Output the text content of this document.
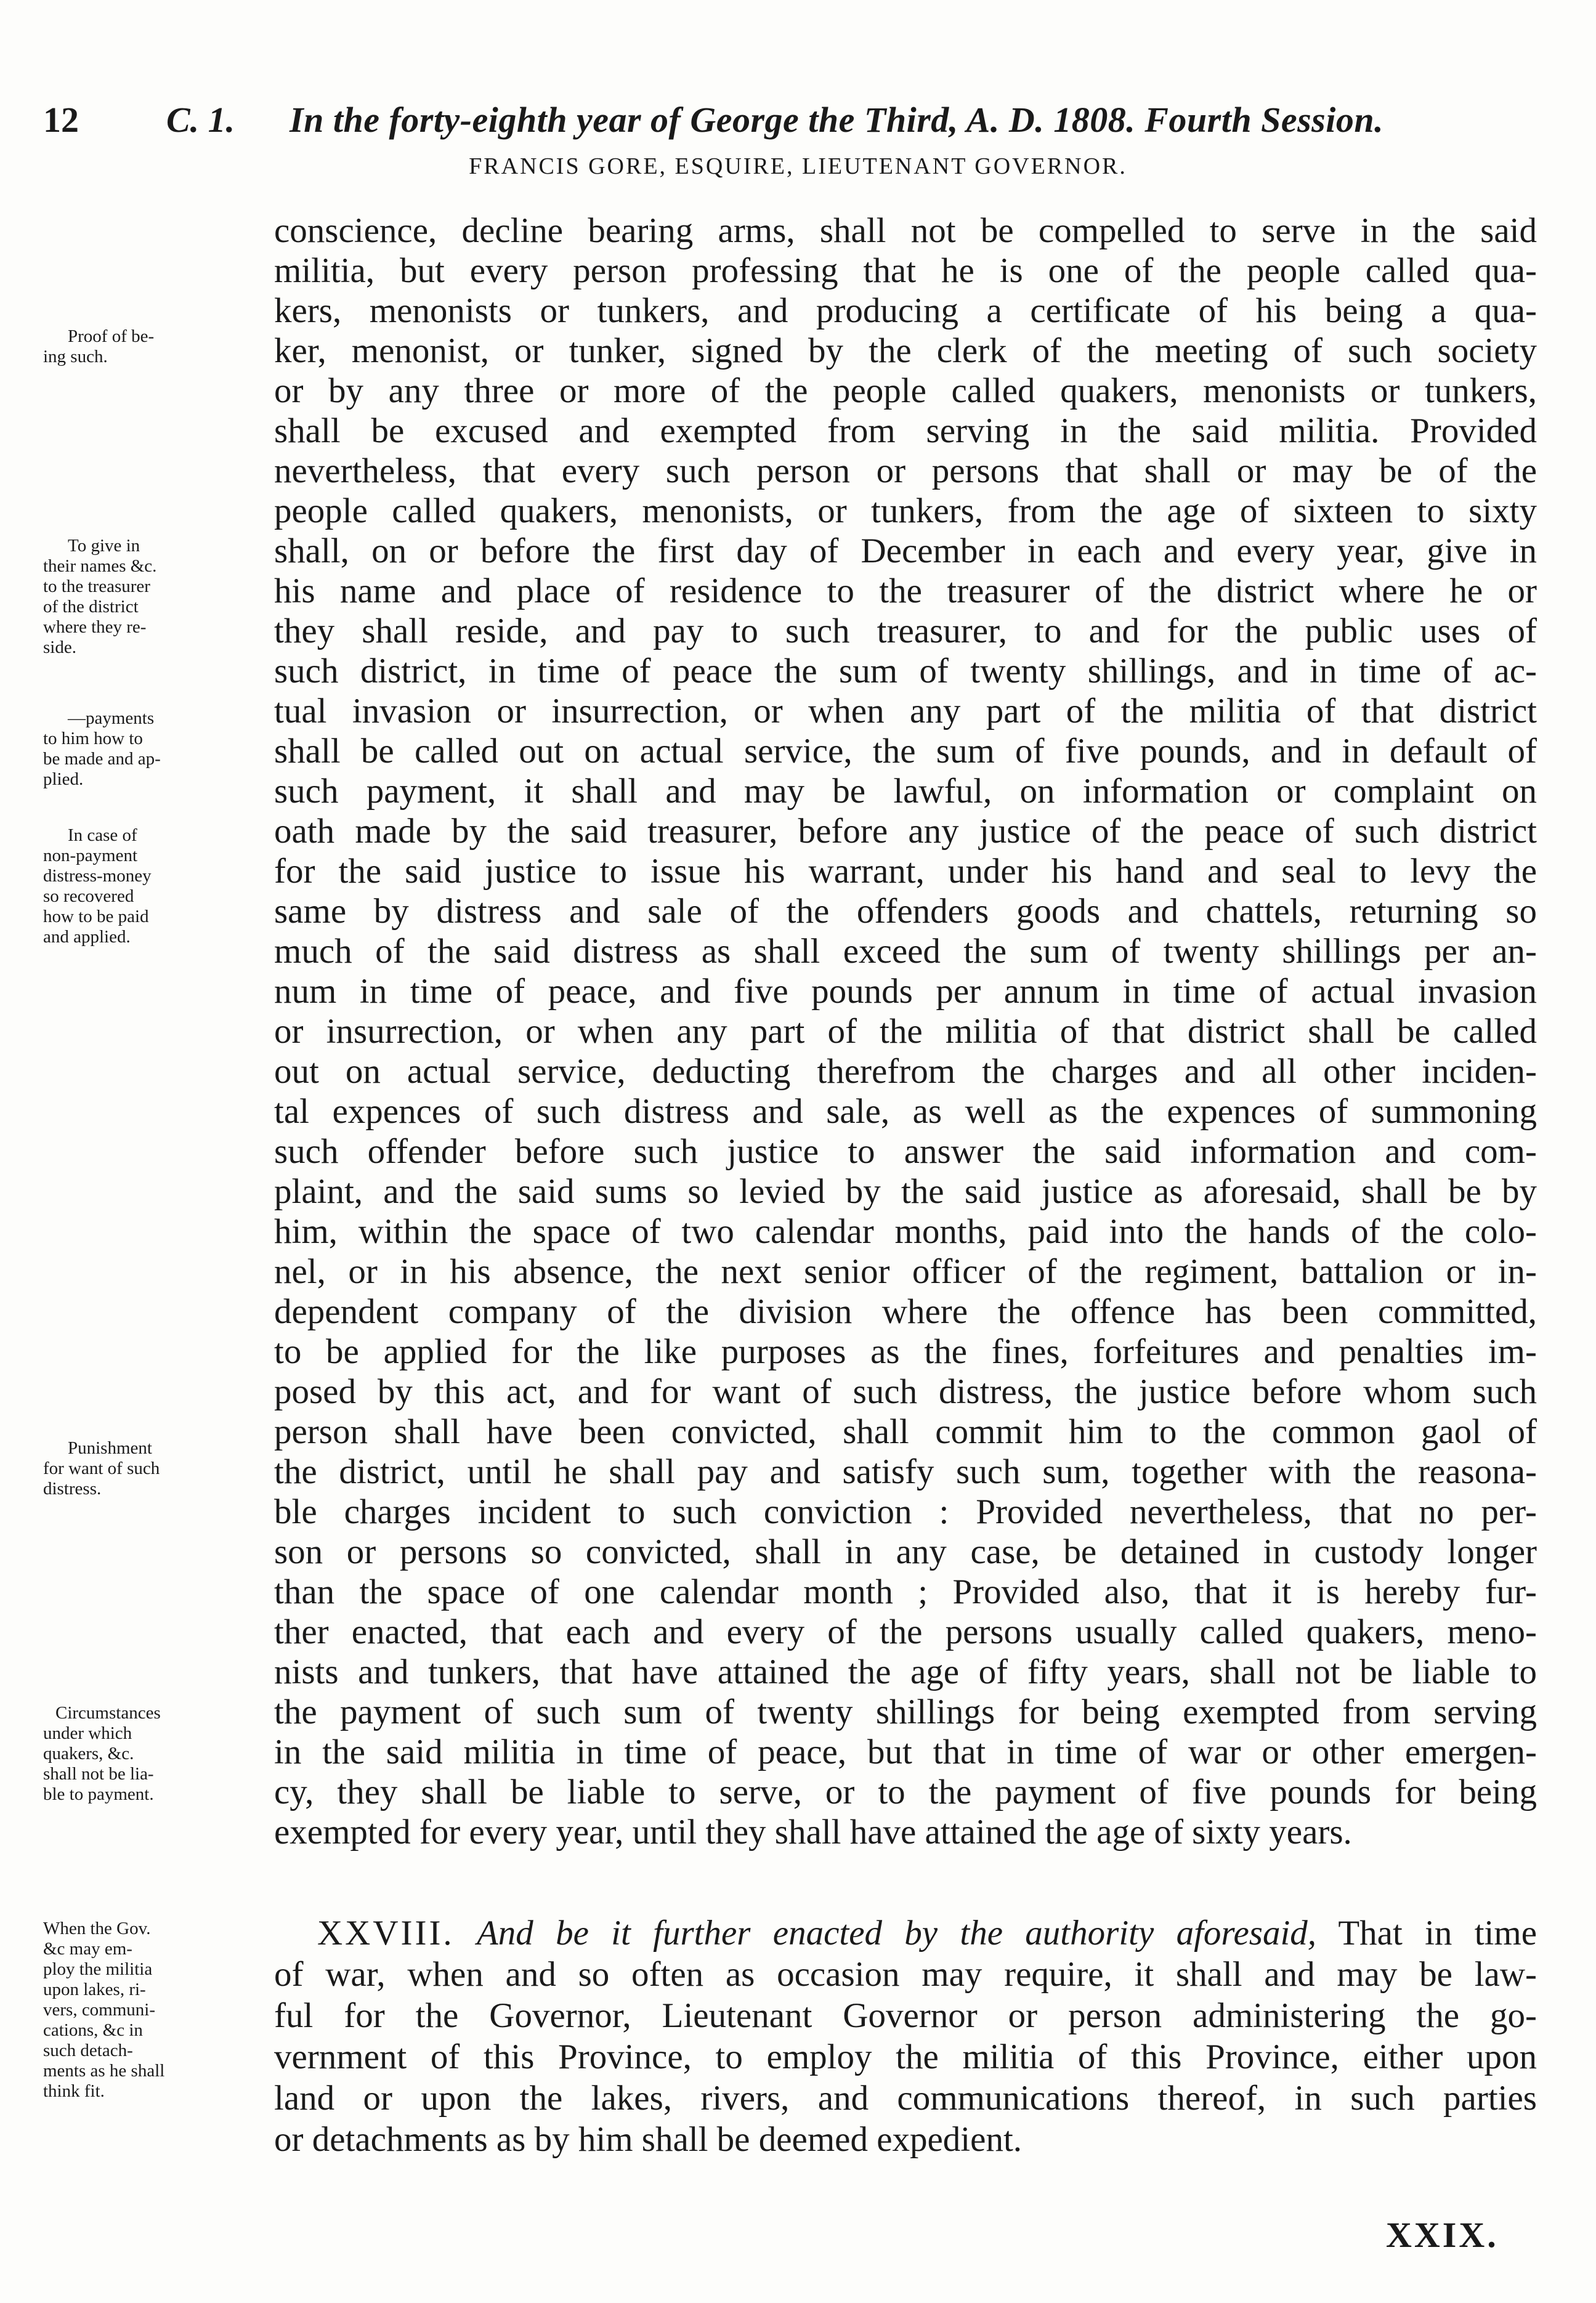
12 C. 1. In the forty-eighth year of George the Third, A. D. 1808. Fourth Session.
FRANCIS GORE, ESQUIRE, LIEUTENANT GOVERNOR.
Proof of be-
ing such.
To give in
their names &c.
to the treasurer
of the district
where they re-
side.
—payments
to him how to
be made and ap-
plied.
In case of
non-payment
distress-money
so recovered
how to be paid
and applied.
Punishment
for want of such
distress.
Circumstances
under which
quakers, &c.
shall not be lia-
ble to payment.
When the Gov.
&c may em-
ploy the militia
upon lakes, ri-
vers, communi-
cations, &c in
such detach-
ments as he shall
think fit.
conscience, decline bearing arms, shall not be compelled to serve in the said
militia, but every person professing that he is one of the people called qua-
kers, menonists or tunkers, and producing a certificate of his being a qua-
ker, menonist, or tunker, signed by the clerk of the meeting of such society
or by any three or more of the people called quakers, menonists or tunkers,
shall be excused and exempted from serving in the said militia. Provided
nevertheless, that every such person or persons that shall or may be of the
people called quakers, menonists, or tunkers, from the age of sixteen to sixty
shall, on or before the first day of December in each and every year, give in
his name and place of residence to the treasurer of the district where he or
they shall reside, and pay to such treasurer, to and for the public uses of
such district, in time of peace the sum of twenty shillings, and in time of ac-
tual invasion or insurrection, or when any part of the militia of that district
shall be called out on actual service, the sum of five pounds, and in default of
such payment, it shall and may be lawful, on information or complaint on
oath made by the said treasurer, before any justice of the peace of such district
for the said justice to issue his warrant, under his hand and seal to levy the
same by distress and sale of the offenders goods and chattels, returning so
much of the said distress as shall exceed the sum of twenty shillings per an-
num in time of peace, and five pounds per annum in time of actual invasion
or insurrection, or when any part of the militia of that district shall be called
out on actual service, deducting therefrom the charges and all other inciden-
tal expences of such distress and sale, as well as the expences of summoning
such offender before such justice to answer the said information and com-
plaint, and the said sums so levied by the said justice as aforesaid, shall be by
him, within the space of two calendar months, paid into the hands of the colo-
nel, or in his absence, the next senior officer of the regiment, battalion or in-
dependent company of the division where the offence has been committed,
to be applied for the like purposes as the fines, forfeitures and penalties im-
posed by this act, and for want of such distress, the justice before whom such
person shall have been convicted, shall commit him to the common gaol of
the district, until he shall pay and satisfy such sum, together with the reasona-
ble charges incident to such conviction : Provided nevertheless, that no per-
son or persons so convicted, shall in any case, be detained in custody longer
than the space of one calendar month ; Provided also, that it is hereby fur-
ther enacted, that each and every of the persons usually called quakers, meno-
nists and tunkers, that have attained the age of fifty years, shall not be liable to
the payment of such sum of twenty shillings for being exempted from serving
in the said militia in time of peace, but that in time of war or other emergen-
cy, they shall be liable to serve, or to the payment of five pounds for being
exempted for every year, until they shall have attained the age of sixty years.
XXVIII. And be it further enacted by the authority aforesaid, That in time
of war, when and so often as occasion may require, it shall and may be law-
ful for the Governor, Lieutenant Governor or person administering the go-
vernment of this Province, to employ the militia of this Province, either upon
land or upon the lakes, rivers, and communications thereof, in such parties
or detachments as by him shall be deemed expedient.
XXIX.
